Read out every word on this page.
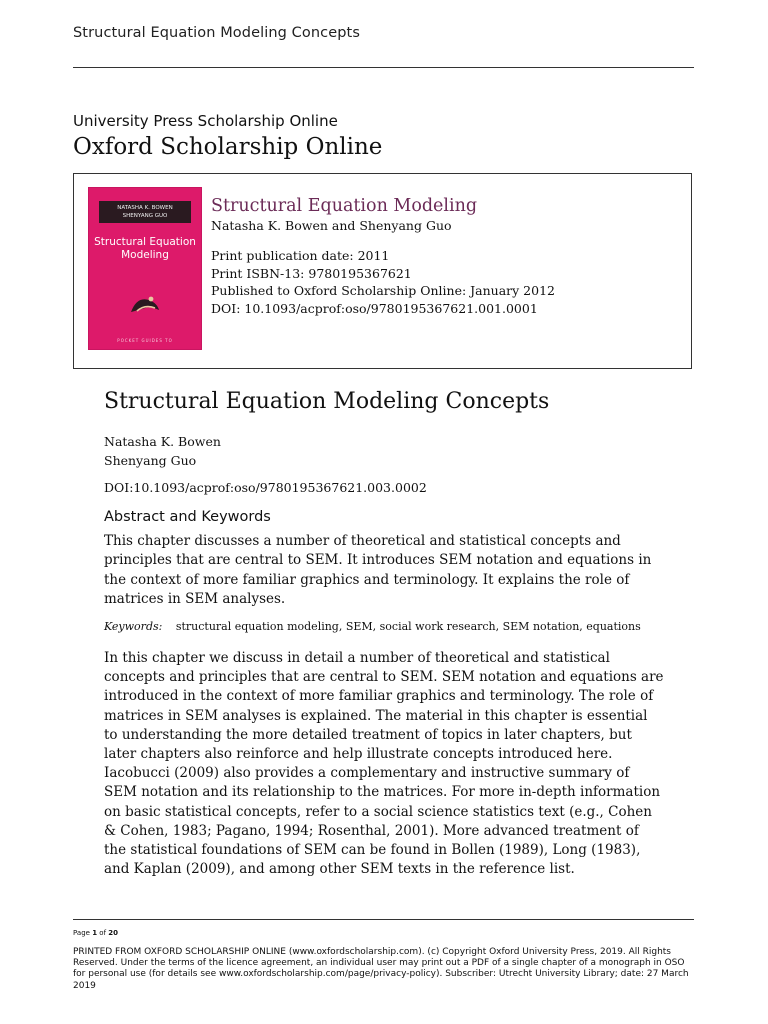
Structural Equation Modeling Concepts
University Press Scholarship Online
Oxford Scholarship Online
NATASHA K. BOWEN
SHENYANG GUO
Structural Equation
Modeling
POCKET GUIDES TO
Structural Equation Modeling
Natasha K. Bowen and Shenyang Guo
Print publication date: 2011
Print ISBN-13: 9780195367621
Published to Oxford Scholarship Online: January 2012
DOI: 10.1093/acprof:oso/9780195367621.001.0001
Structural Equation Modeling Concepts
Natasha K. Bowen
Shenyang Guo
DOI:10.1093/acprof:oso/9780195367621.003.0002
Abstract and Keywords
This chapter discusses a number of theoretical and statistical concepts and principles that are central to SEM. It introduces SEM notation and equations in the context of more familiar graphics and terminology. It explains the role of matrices in SEM analyses.
Keywords: structural equation modeling, SEM, social work research, SEM notation, equations
In this chapter we discuss in detail a number of theoretical and statistical concepts and principles that are central to SEM. SEM notation and equations are introduced in the context of more familiar graphics and terminology. The role of matrices in SEM analyses is explained. The material in this chapter is essential to understanding the more detailed treatment of topics in later chapters, but later chapters also reinforce and help illustrate concepts introduced here. Iacobucci (2009) also provides a complementary and instructive summary of SEM notation and its relationship to the matrices. For more in-depth information on basic statistical concepts, refer to a social science statistics text (e.g., Cohen & Cohen, 1983; Pagano, 1994; Rosenthal, 2001). More advanced treatment of the statistical foundations of SEM can be found in Bollen (1989), Long (1983), and Kaplan (2009), and among other SEM texts in the reference list.
Page 1 of 20
PRINTED FROM OXFORD SCHOLARSHIP ONLINE (www.oxfordscholarship.com). (c) Copyright Oxford University Press, 2019. All Rights Reserved. Under the terms of the licence agreement, an individual user may print out a PDF of a single chapter of a monograph in OSO for personal use (for details see www.oxfordscholarship.com/page/privacy-policy). Subscriber: Utrecht University Library; date: 27 March 2019
